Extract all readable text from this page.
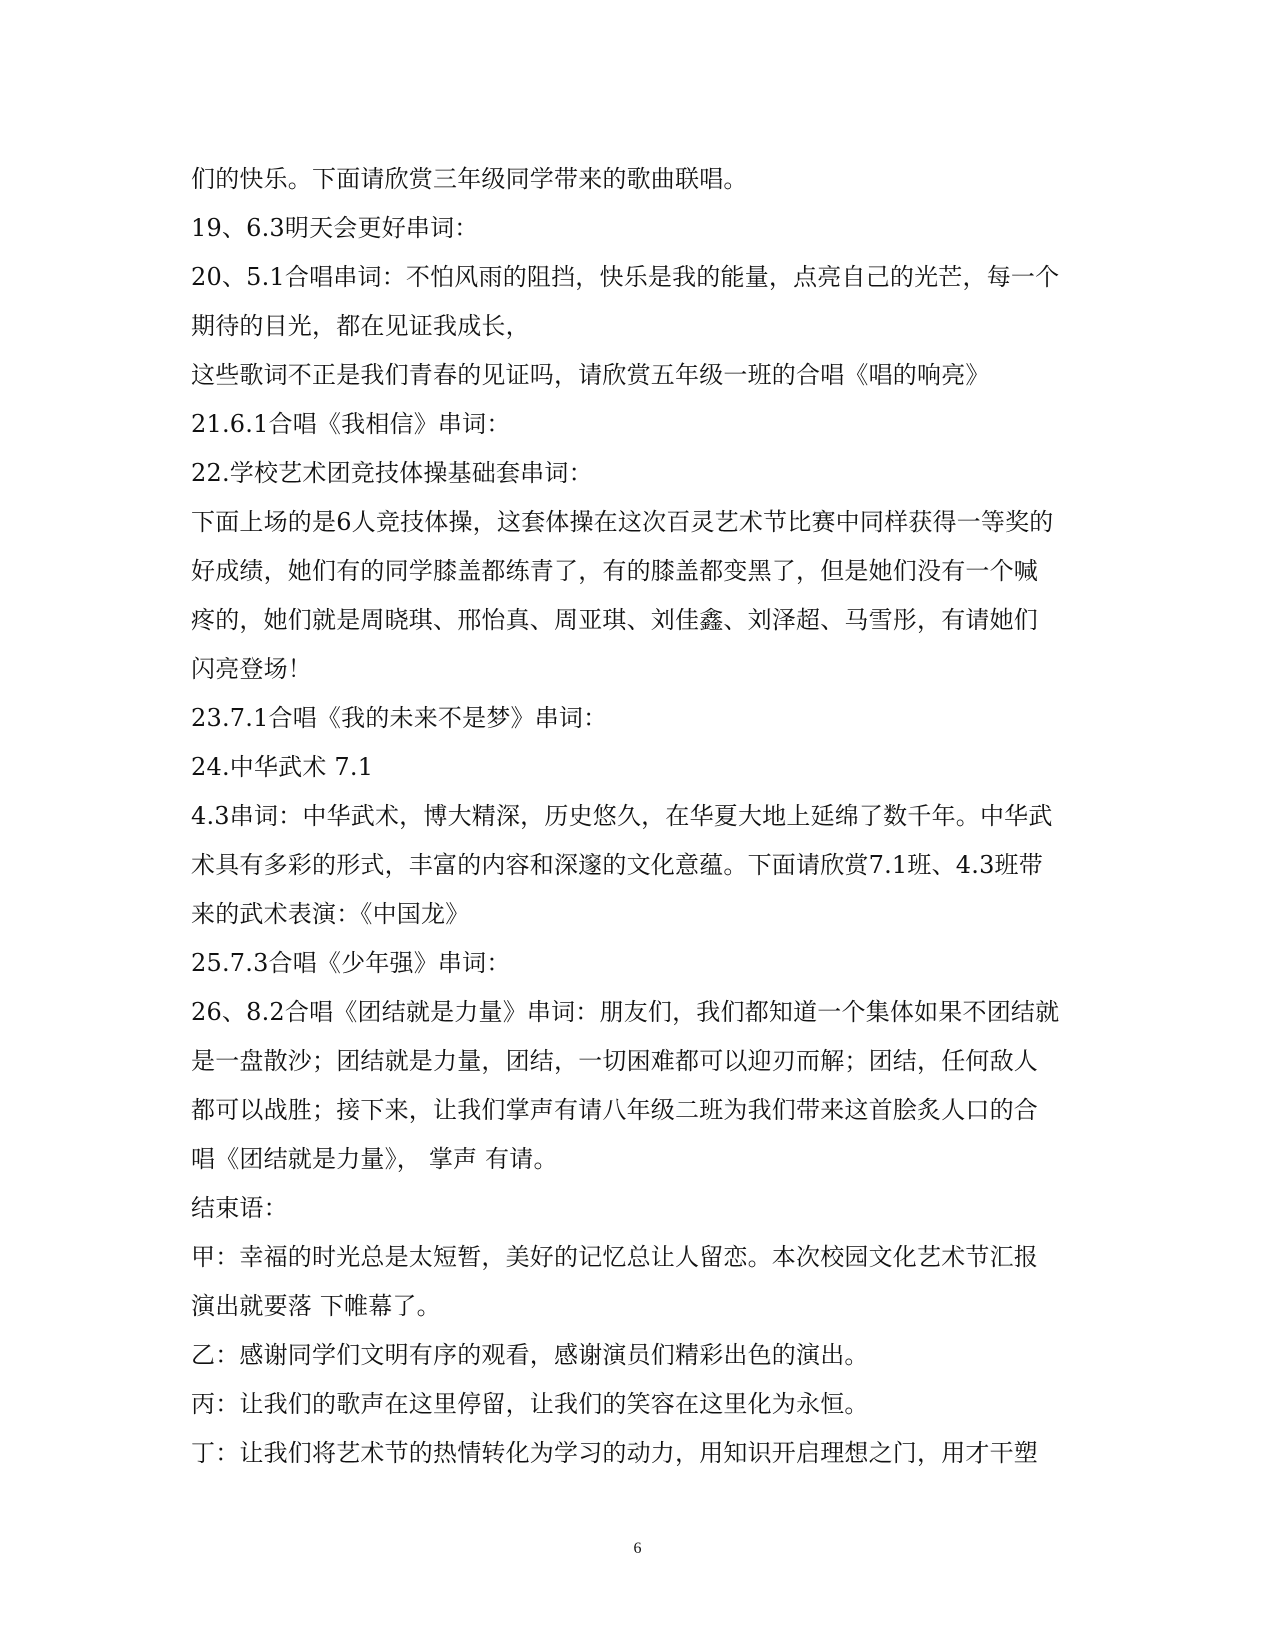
们的快乐。下面请欣赏三年级同学带来的歌曲联唱。
19、6.3明天会更好串词：
20、5.1合唱串词：不怕风雨的阻挡，快乐是我的能量，点亮自己的光芒，每一个
期待的目光，都在见证我成长，
这些歌词不正是我们青春的见证吗，请欣赏五年级一班的合唱《唱的响亮》
21.6.1合唱《我相信》串词：
22.学校艺术团竞技体操基础套串词：
下面上场的是6人竞技体操，这套体操在这次百灵艺术节比赛中同样获得一等奖的
好成绩，她们有的同学膝盖都练青了，有的膝盖都变黑了，但是她们没有一个喊
疼的，她们就是周晓琪、邢怡真、周亚琪、刘佳鑫、刘泽超、马雪彤，有请她们
闪亮登场！
23.7.1合唱《我的未来不是梦》串词：
24.中华武术 7.1
4.3串词：中华武术，博大精深，历史悠久，在华夏大地上延绵了数千年。中华武
术具有多彩的形式，丰富的内容和深邃的文化意蕴。下面请欣赏7.1班、4.3班带
来的武术表演：《中国龙》
25.7.3合唱《少年强》串词：
26、8.2合唱《团结就是力量》串词：朋友们，我们都知道一个集体如果不团结就
是一盘散沙；团结就是力量，团结，一切困难都可以迎刃而解；团结，任何敌人
都可以战胜；接下来，让我们掌声有请八年级二班为我们带来这首脍炙人口的合
唱《团结就是力量》， 掌声 有请。
结束语：
甲：幸福的时光总是太短暂，美好的记忆总让人留恋。本次校园文化艺术节汇报
演出就要落 下帷幕了。
乙：感谢同学们文明有序的观看，感谢演员们精彩出色的演出。
丙：让我们的歌声在这里停留，让我们的笑容在这里化为永恒。
丁：让我们将艺术节的热情转化为学习的动力，用知识开启理想之门，用才干塑
6
